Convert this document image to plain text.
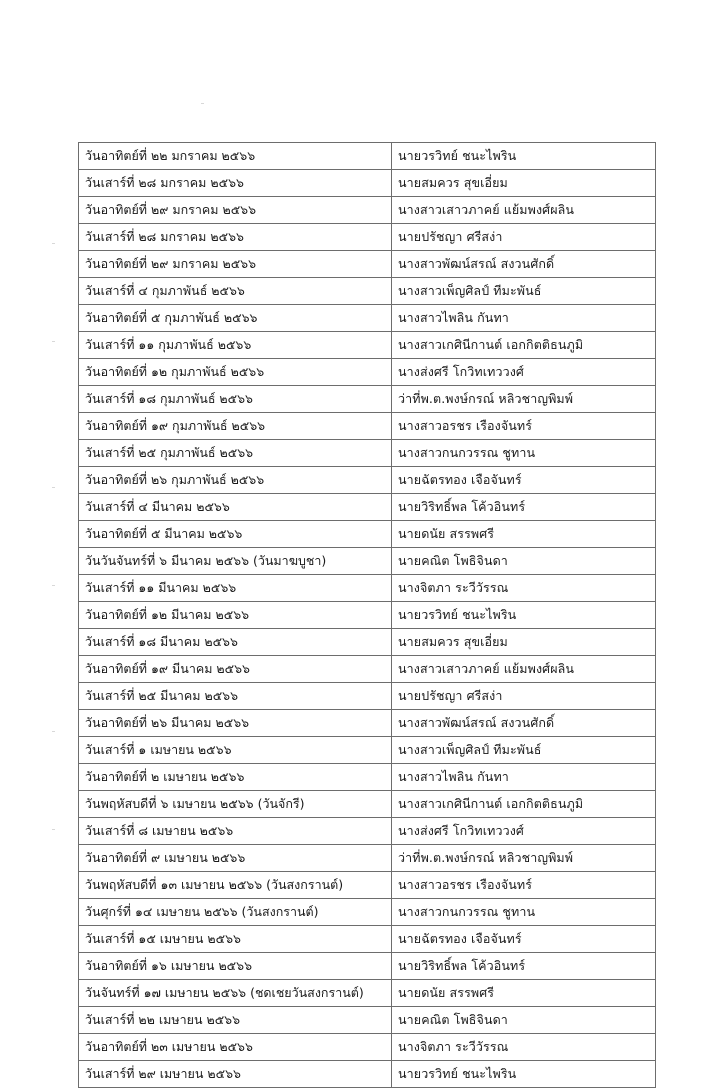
วันอาทิตย์ที่ ๒๒ มกราคม ๒๕๖๖	นายวรวิทย์ ชนะไพริน
วันเสาร์ที่ ๒๘ มกราคม ๒๕๖๖	นายสมควร สุขเอี่ยม
วันอาทิตย์ที่ ๒๙ มกราคม ๒๕๖๖	นางสาวเสาวภาคย์ แย้มพงศ์ผลิน
วันเสาร์ที่ ๒๘ มกราคม ๒๕๖๖	นายปรัชญา ศรีสง่า
วันอาทิตย์ที่ ๒๙ มกราคม ๒๕๖๖	นางสาวพัฒน์สรณ์ สงวนศักดิ์
วันเสาร์ที่ ๔ กุมภาพันธ์ ๒๕๖๖	นางสาวเพ็ญศิลป์ ทีมะพันธ์
วันอาทิตย์ที่ ๕ กุมภาพันธ์ ๒๕๖๖	นางสาวไพลิน กันทา
วันเสาร์ที่ ๑๑ กุมภาพันธ์ ๒๕๖๖	นางสาวเกศินีกานต์ เอกกิตติธนภูมิ
วันอาทิตย์ที่ ๑๒ กุมภาพันธ์ ๒๕๖๖	นางส่งศรี โกวิทเทววงศ์
วันเสาร์ที่ ๑๘ กุมภาพันธ์ ๒๕๖๖	ว่าที่พ.ต.พงษ์กรณ์ หลิวชาญพิมพ์
วันอาทิตย์ที่ ๑๙ กุมภาพันธ์ ๒๕๖๖	นางสาวอรชร เรืองจันทร์
วันเสาร์ที่ ๒๕ กุมภาพันธ์ ๒๕๖๖	นางสาวกนกวรรณ ชูทาน
วันอาทิตย์ที่ ๒๖ กุมภาพันธ์ ๒๕๖๖	นายฉัตรทอง เจือจันทร์
วันเสาร์ที่ ๔ มีนาคม ๒๕๖๖	นายวิริทธิ์พล โค้วอินทร์
วันอาทิตย์ที่ ๕ มีนาคม ๒๕๖๖	นายดนัย สรรพศรี
วันวันจันทร์ที่ ๖ มีนาคม ๒๕๖๖ (วันมาฆบูชา)	นายคณิต โพธิจินดา
วันเสาร์ที่ ๑๑ มีนาคม ๒๕๖๖	นางจิตภา ระวีวัรรณ
วันอาทิตย์ที่ ๑๒ มีนาคม ๒๕๖๖	นายวรวิทย์ ชนะไพริน
วันเสาร์ที่ ๑๘ มีนาคม ๒๕๖๖	นายสมควร สุขเอี่ยม
วันอาทิตย์ที่ ๑๙ มีนาคม ๒๕๖๖	นางสาวเสาวภาคย์ แย้มพงศ์ผลิน
วันเสาร์ที่ ๒๕ มีนาคม ๒๕๖๖	นายปรัชญา ศรีสง่า
วันอาทิตย์ที่ ๒๖ มีนาคม ๒๕๖๖	นางสาวพัฒน์สรณ์ สงวนศักดิ์
วันเสาร์ที่ ๑ เมษายน ๒๕๖๖	นางสาวเพ็ญศิลป์ ทีมะพันธ์
วันอาทิตย์ที่ ๒ เมษายน ๒๕๖๖	นางสาวไพลิน กันทา
วันพฤหัสบดีที่ ๖ เมษายน ๒๕๖๖ (วันจักรี)	นางสาวเกศินีกานต์ เอกกิตติธนภูมิ
วันเสาร์ที่ ๘ เมษายน ๒๕๖๖	นางส่งศรี โกวิทเทววงศ์
วันอาทิตย์ที่ ๙ เมษายน ๒๕๖๖	ว่าที่พ.ต.พงษ์กรณ์ หลิวชาญพิมพ์
วันพฤหัสบดีที่ ๑๓ เมษายน ๒๕๖๖ (วันสงกรานต์)	นางสาวอรชร เรืองจันทร์
วันศุกร์ที่ ๑๔ เมษายน ๒๕๖๖ (วันสงกรานต์)	นางสาวกนกวรรณ ชูทาน
วันเสาร์ที่ ๑๕ เมษายน ๒๕๖๖	นายฉัตรทอง เจือจันทร์
วันอาทิตย์ที่ ๑๖ เมษายน ๒๕๖๖	นายวิริทธิ์พล โค้วอินทร์
วันจันทร์ที่ ๑๗ เมษายน ๒๕๖๖ (ชดเชยวันสงกรานต์)	นายดนัย สรรพศรี
วันเสาร์ที่ ๒๒ เมษายน ๒๕๖๖	นายคณิต โพธิจินดา
วันอาทิตย์ที่ ๒๓ เมษายน ๒๕๖๖	นางจิตภา ระวีวัรรณ
วันเสาร์ที่ ๒๙ เมษายน ๒๕๖๖	นายวรวิทย์ ชนะไพริน
